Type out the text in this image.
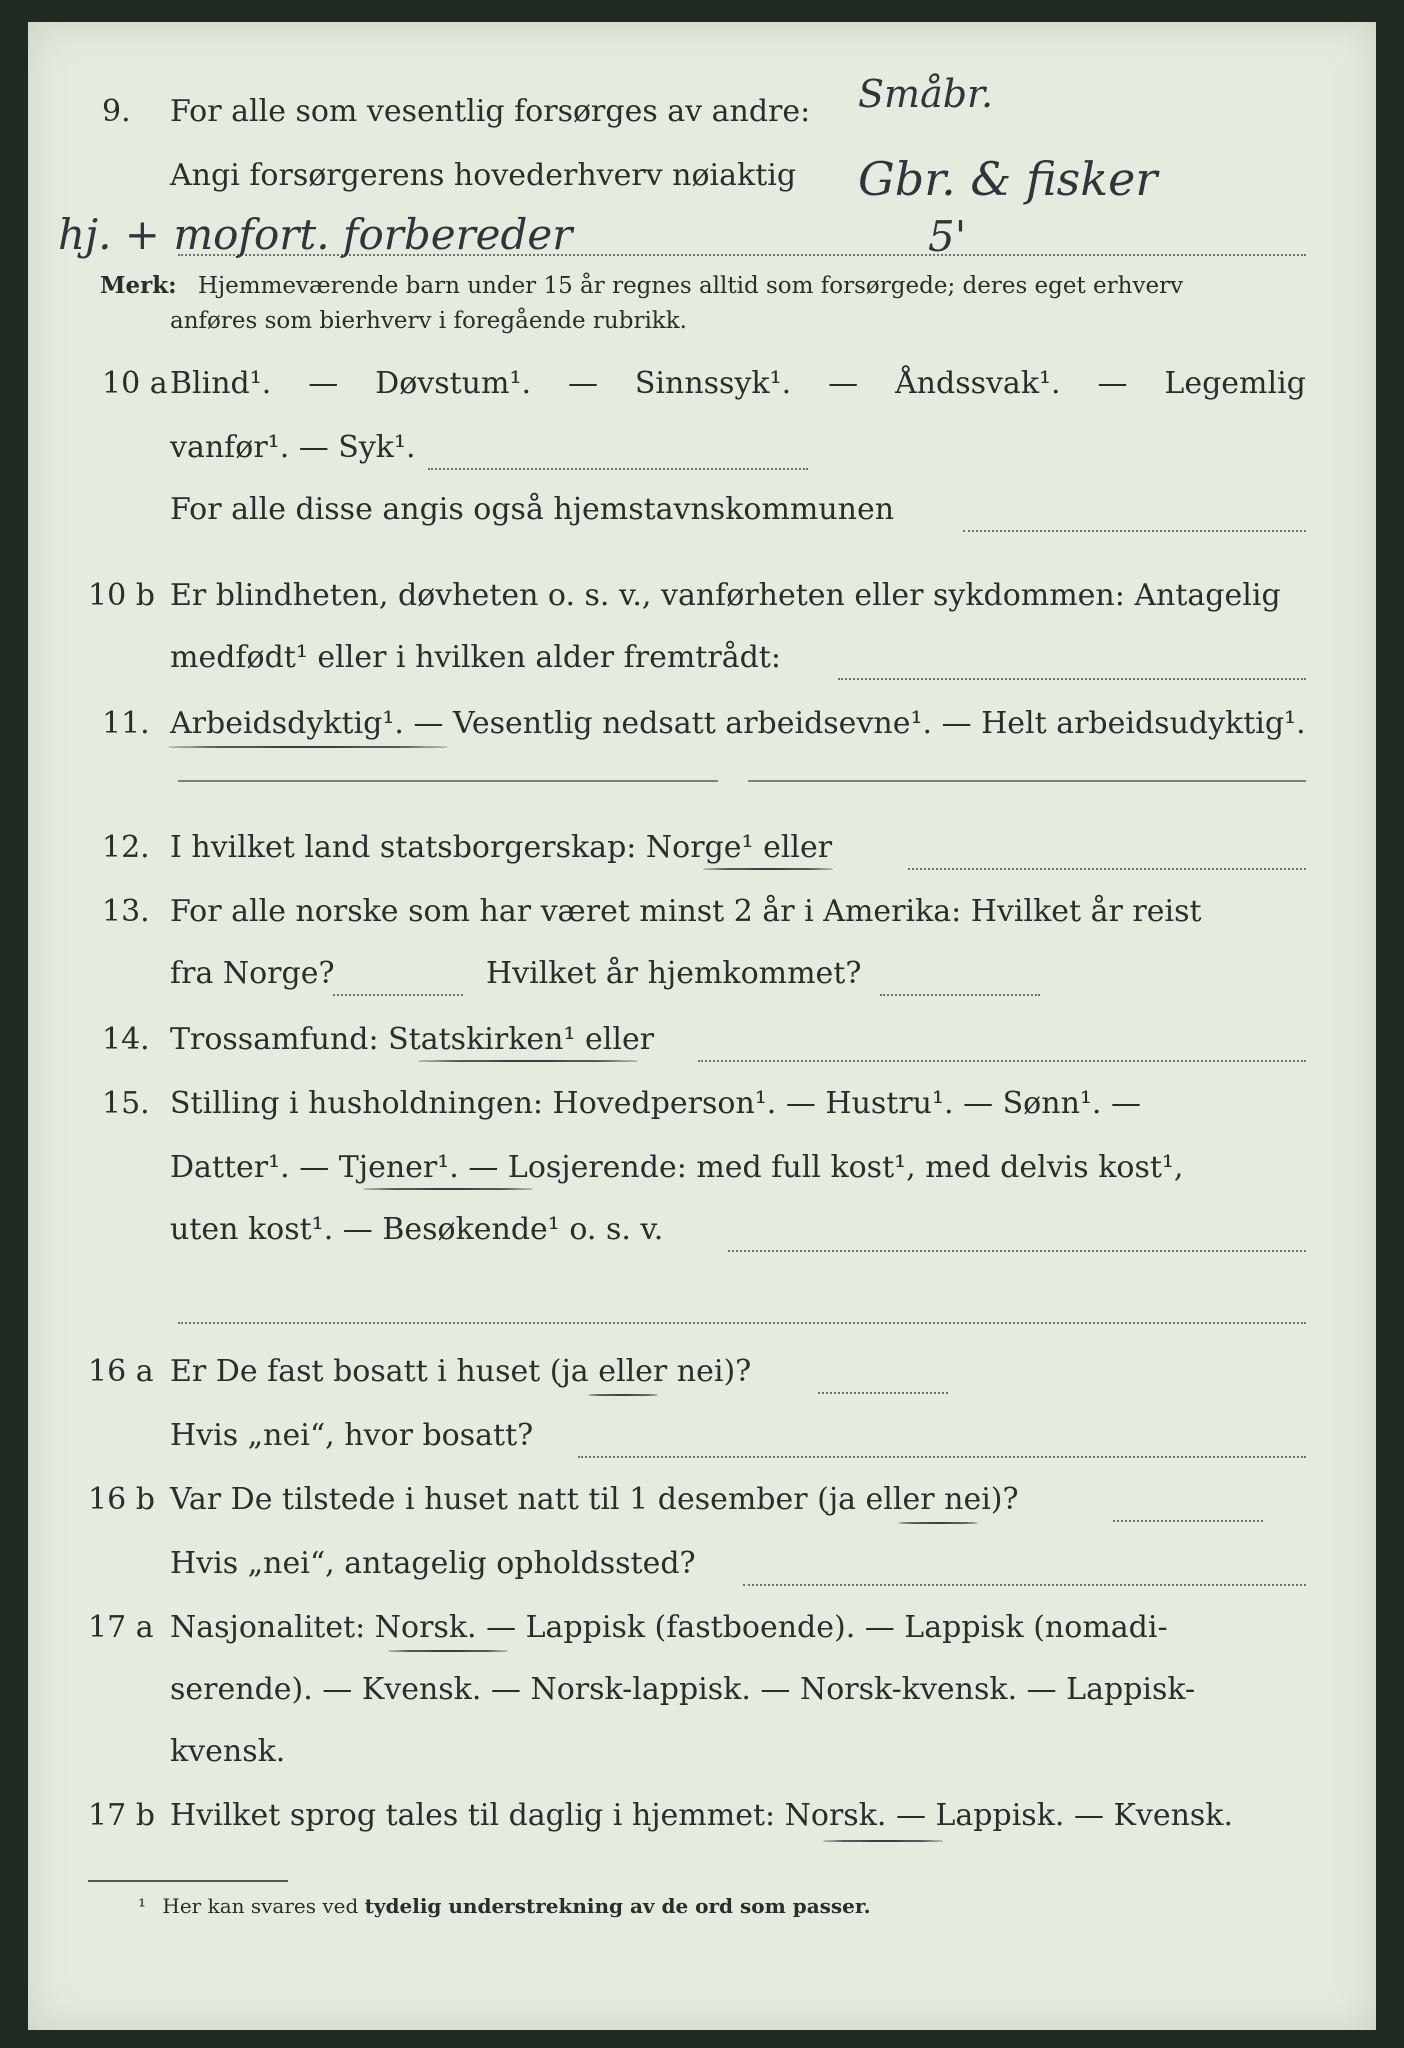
9. For alle som vesentlig forsørges av andre:
Angi forsørgerens hovederhverv nøiaktig
Småbr.
Gbr. & fisker
hj. + mofort. forbereder	5'
Merk: Hjemmeværende barn under 15 år regnes alltid som forsørgede; deres eget erhverv
anføres som bierhverv i foregående rubrikk.
10 a Blind¹. — Døvstum¹. — Sinnssyk¹. — Åndssvak¹. — Legemlig
vanfør¹. — Syk¹.
For alle disse angis også hjemstavnskommunen
10 b Er blindheten, døvheten o. s. v., vanførheten eller sykdommen: Antagelig
medfødt¹ eller i hvilken alder fremtrådt:
11. Arbeidsdyktig¹. — Vesentlig nedsatt arbeidsevne¹. — Helt arbeidsudyktig¹.
12. I hvilket land statsborgerskap: Norge¹ eller
13. For alle norske som har været minst 2 år i Amerika: Hvilket år reist
fra Norge?	Hvilket år hjemkommet?
14. Trossamfund: Statskirken¹ eller
15. Stilling i husholdningen: Hovedperson¹. — Hustru¹. — Sønn¹. —
Datter¹. — Tjener¹. — Losjerende: med full kost¹, med delvis kost¹,
uten kost¹. — Besøkende¹ o. s. v.
16 a Er De fast bosatt i huset (ja eller nei)?
Hvis „nei“, hvor bosatt?
16 b Var De tilstede i huset natt til 1 desember (ja eller nei)?
Hvis „nei“, antagelig opholdssted?
17 a Nasjonalitet: Norsk. — Lappisk (fastboende). — Lappisk (nomadi-
serende). — Kvensk. — Norsk-lappisk. — Norsk-kvensk. — Lappisk-
kvensk.
17 b Hvilket sprog tales til daglig i hjemmet: Norsk. — Lappisk. — Kvensk.
¹ Her kan svares ved tydelig understrekning av de ord som passer.
